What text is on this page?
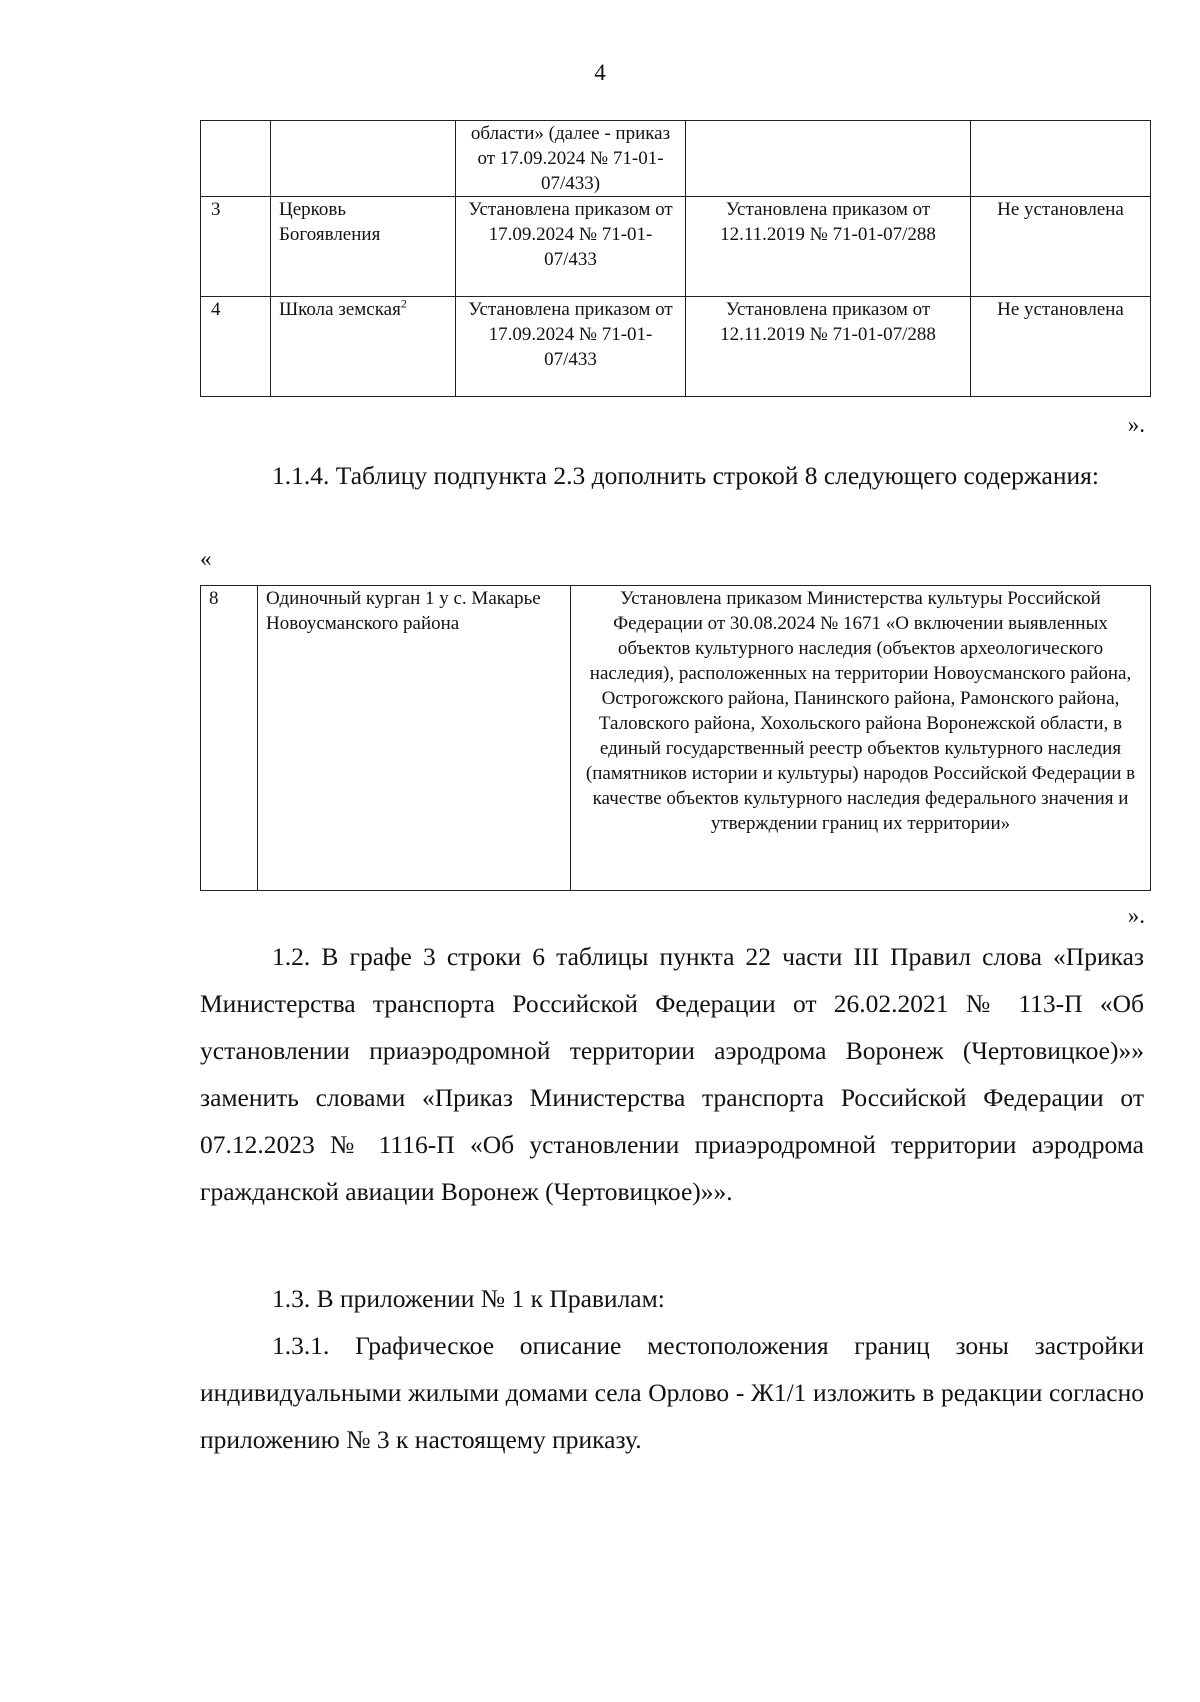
4
		области» (далее - приказ от 17.09.2024 № 71-01-07/433)		
3	Церковь Богоявления	Установлена приказом от 17.09.2024 № 71-01-07/433	Установлена приказом от 12.11.2019 № 71-01-07/288	Не установлена
4	Школа земская$^2$	Установлена приказом от 17.09.2024 № 71-01-07/433	Установлена приказом от 12.11.2019 № 71-01-07/288	Не установлена
».

1.1.4. Таблицу подпункта 2.3 дополнить строкой 8 следующего содержания:

«
8	Одиночный курган 1 у с. Макарье Новоусманского района	Установлена приказом Министерства культуры Российской Федерации от 30.08.2024 № 1671 «О включении выявленных объектов культурного наследия (объектов археологического наследия), расположенных на территории Новоусманского района, Острогожского района, Панинского района, Рамонского района, Таловского района, Хохольского района Воронежской области, в единый государственный реестр объектов культурного наследия (памятников истории и культуры) народов Российской Федерации в качестве объектов культурного наследия федерального значения и утверждении границ их территории»
».

1.2. В графе 3 строки 6 таблицы пункта 22 части III Правил слова «Приказ Министерства транспорта Российской Федерации от 26.02.2021 № 113-П «Об установлении приаэродромной территории аэродрома Воронеж (Чертовицкое)»» заменить словами «Приказ Министерства транспорта Российской Федерации от 07.12.2023 № 1116-П «Об установлении приаэродромной территории аэродрома гражданской авиации Воронеж (Чертовицкое)»».

1.3. В приложении № 1 к Правилам:

1.3.1. Графическое описание местоположения границ зоны застройки индивидуальными жилыми домами села Орлово - Ж1/1 изложить в редакции согласно приложению № 3 к настоящему приказу.
